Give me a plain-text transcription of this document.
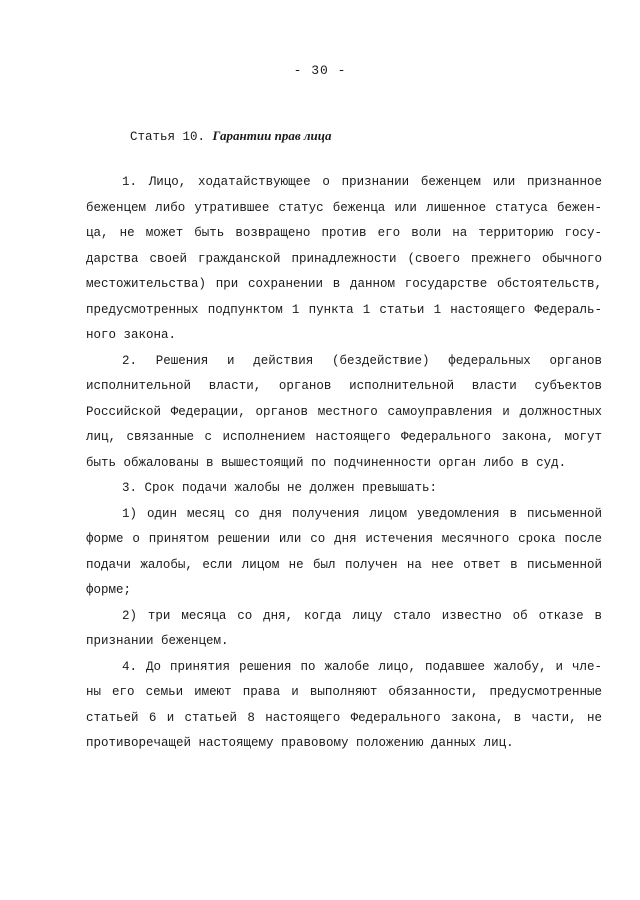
- 30 -
Статья 10. Гарантии прав лица
1. Лицо, ходатайствующее о признании беженцем или признанное
беженцем либо утратившее статус беженца или лишенное статуса бежен-
ца, не может быть возвращено против его воли на территорию госу-
дарства своей гражданской принадлежности (своего прежнего обычного
местожительства) при сохранении в данном государстве обстоятельств,
предусмотренных подпунктом 1 пункта 1 статьи 1 настоящего Федераль-
ного закона.
2. Решения и действия (бездействие) федеральных органов
исполнительной власти, органов исполнительной власти субъектов
Российской Федерации, органов местного самоуправления и должностных
лиц, связанные с исполнением настоящего Федерального закона, могут
быть обжалованы в вышестоящий по подчиненности орган либо в суд.
3. Срок подачи жалобы не должен превышать:
1) один месяц со дня получения лицом уведомления в письменной
форме о принятом решении или со дня истечения месячного срока после
подачи жалобы, если лицом не был получен на нее ответ в письменной
форме;
2) три месяца со дня, когда лицу стало известно об отказе в
признании беженцем.
4. До принятия решения по жалобе лицо, подавшее жалобу, и чле-
ны его семьи имеют права и выполняют обязанности, предусмотренные
статьей 6 и статьей 8 настоящего Федерального закона, в части, не
противоречащей настоящему правовому положению данных лиц.
